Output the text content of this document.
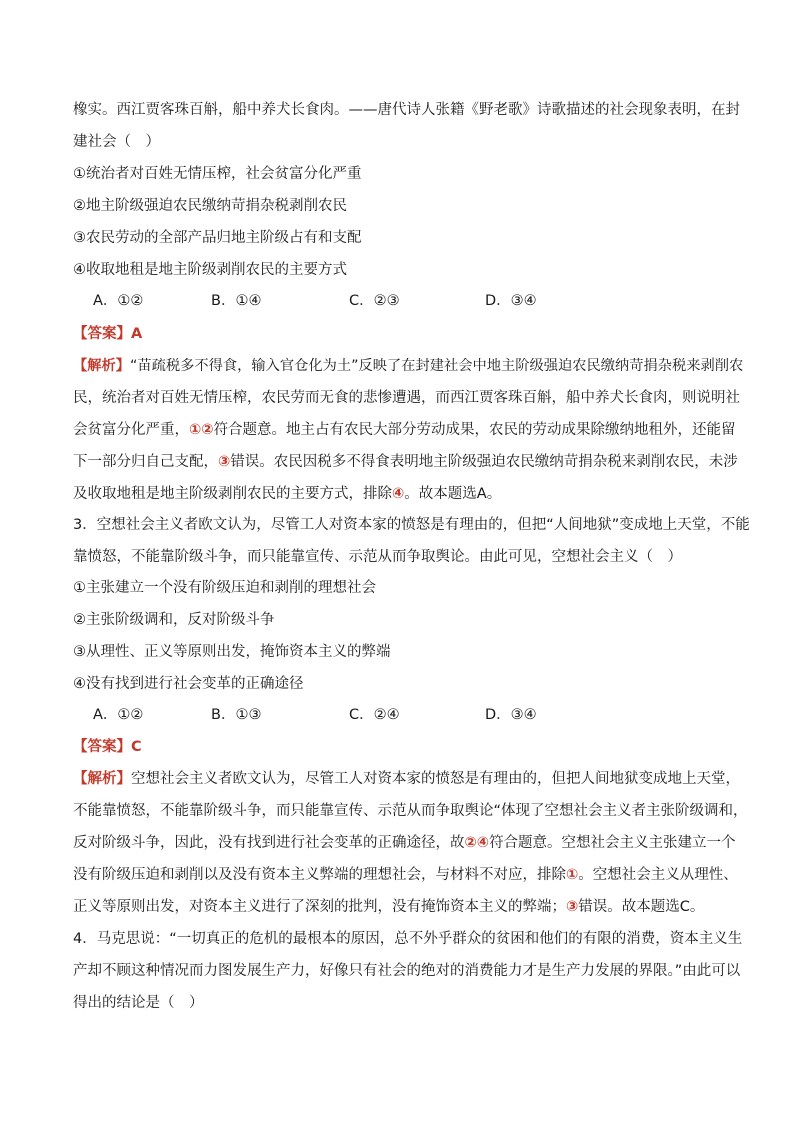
橡实。西江贾客珠百斛，船中养犬长食肉。——唐代诗人张籍《野老歌》诗歌描述的社会现象表明，在封
建社会（　）
①统治者对百姓无情压榨，社会贫富分化严重
②地主阶级强迫农民缴纳苛捐杂税剥削农民
③农民劳动的全部产品归地主阶级占有和支配
④收取地租是地主阶级剥削农民的主要方式
A．①②	B．①④	C．②③	D．③④
【答案】A
【解析】“苗疏税多不得食，输入官仓化为土”反映了在封建社会中地主阶级强迫农民缴纳苛捐杂税来剥削农
民，统治者对百姓无情压榨，农民劳而无食的悲惨遭遇，而西江贾客珠百斛，船中养犬长食肉，则说明社
会贫富分化严重，①②符合题意。地主占有农民大部分劳动成果，农民的劳动成果除缴纳地租外，还能留
下一部分归自己支配，③错误。农民因税多不得食表明地主阶级强迫农民缴纳苛捐杂税来剥削农民，未涉
及收取地租是地主阶级剥削农民的主要方式，排除④。故本题选A。
3．空想社会主义者欧文认为，尽管工人对资本家的愤怒是有理由的，但把“人间地狱”变成地上天堂，不能
靠愤怒，不能靠阶级斗争，而只能靠宣传、示范从而争取舆论。由此可见，空想社会主义（　）
①主张建立一个没有阶级压迫和剥削的理想社会
②主张阶级调和，反对阶级斗争
③从理性、正义等原则出发，掩饰资本主义的弊端
④没有找到进行社会变革的正确途径
A．①②	B．①③	C．②④	D．③④
【答案】C
【解析】空想社会主义者欧文认为，尽管工人对资本家的愤怒是有理由的，但把人间地狱变成地上天堂，
不能靠愤怒，不能靠阶级斗争，而只能靠宣传、示范从而争取舆论“体现了空想社会主义者主张阶级调和，
反对阶级斗争，因此，没有找到进行社会变革的正确途径，故②④符合题意。空想社会主义主张建立一个
没有阶级压迫和剥削以及没有资本主义弊端的理想社会，与材料不对应，排除①。空想社会主义从理性、
正义等原则出发，对资本主义进行了深刻的批判，没有掩饰资本主义的弊端；③错误。故本题选C。
4．马克思说：“一切真正的危机的最根本的原因，总不外乎群众的贫困和他们的有限的消费，资本主义生
产却不顾这种情况而力图发展生产力，好像只有社会的绝对的消费能力才是生产力发展的界限。”由此可以
得出的结论是（　）
